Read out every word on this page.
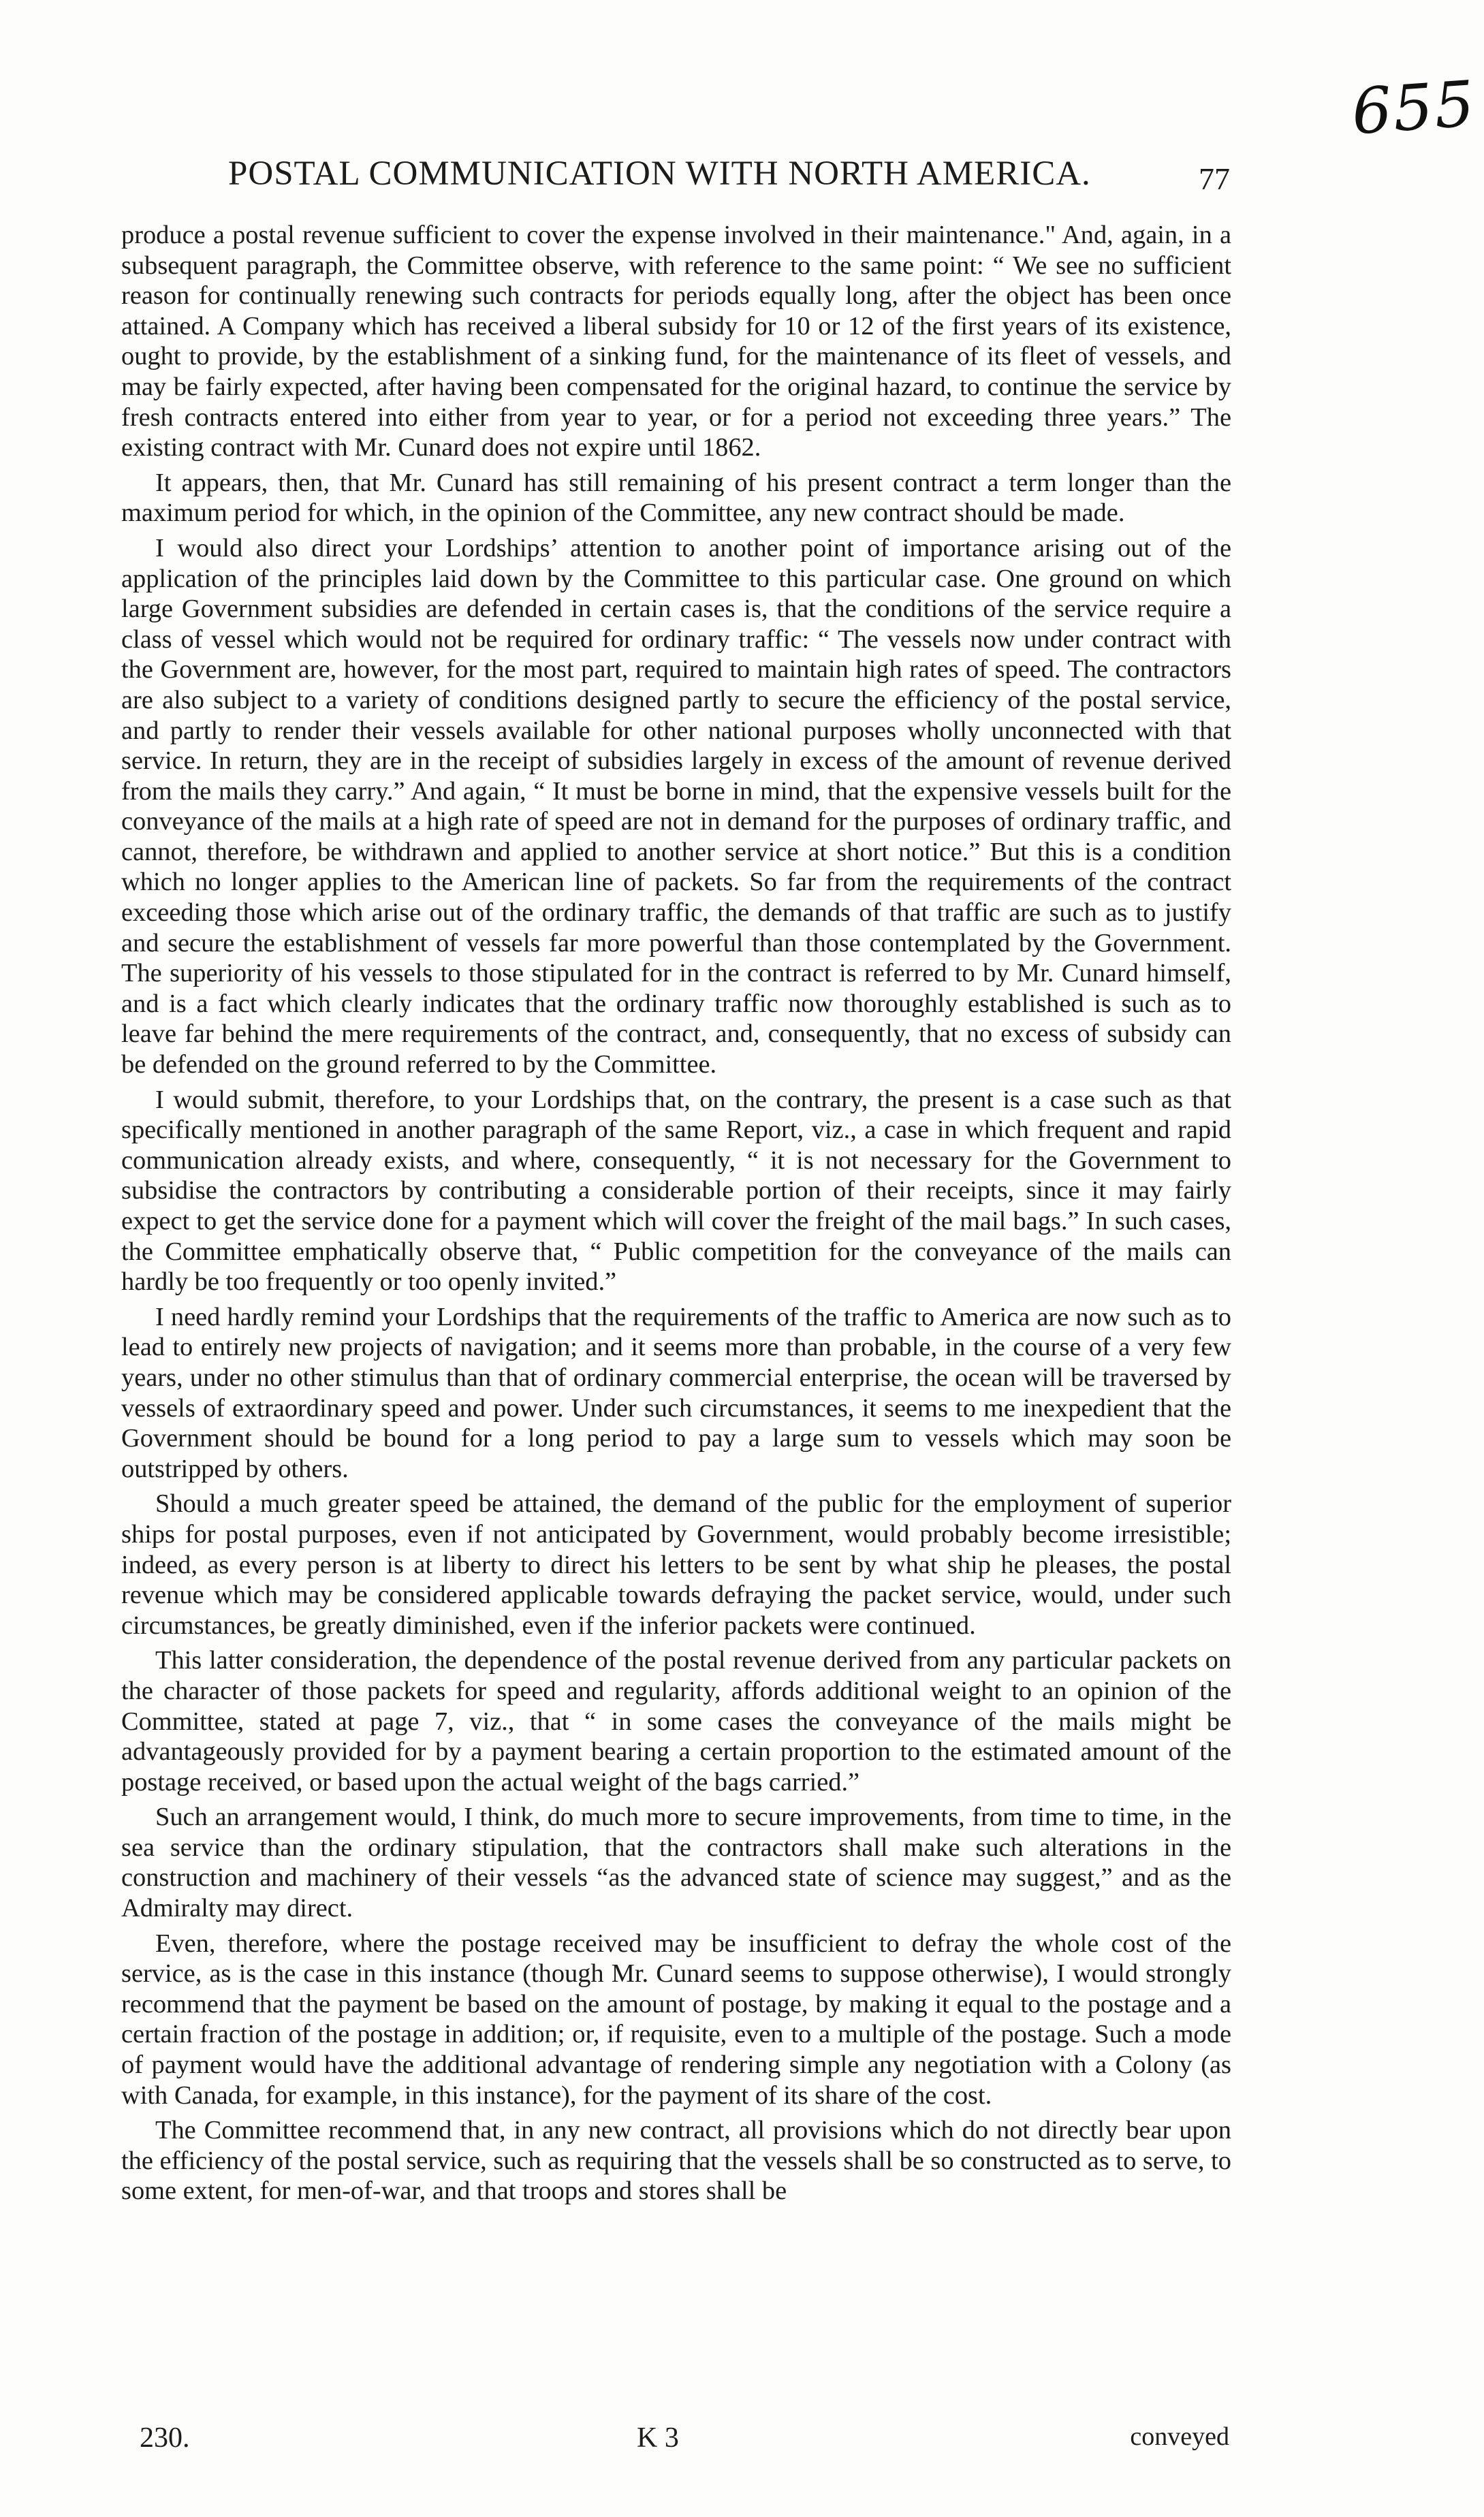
655
POSTAL COMMUNICATION WITH NORTH AMERICA.	77

produce a postal revenue sufficient to cover the expense involved in their maintenance." And, again, in a subsequent paragraph, the Committee observe, with reference to the same point: “ We see no sufficient reason for continually renewing such contracts for periods equally long, after the object has been once attained. A Company which has received a liberal subsidy for 10 or 12 of the first years of its existence, ought to provide, by the establishment of a sinking fund, for the maintenance of its fleet of vessels, and may be fairly expected, after having been compensated for the original hazard, to continue the service by fresh contracts entered into either from year to year, or for a period not exceeding three years.” The existing contract with Mr. Cunard does not expire until 1862.

It appears, then, that Mr. Cunard has still remaining of his present contract a term longer than the maximum period for which, in the opinion of the Committee, any new contract should be made.

I would also direct your Lordships’ attention to another point of importance arising out of the application of the principles laid down by the Committee to this particular case. One ground on which large Government subsidies are defended in certain cases is, that the conditions of the service require a class of vessel which would not be required for ordinary traffic: “ The vessels now under contract with the Government are, however, for the most part, required to maintain high rates of speed. The contractors are also subject to a variety of conditions designed partly to secure the efficiency of the postal service, and partly to render their vessels available for other national purposes wholly unconnected with that service. In return, they are in the receipt of subsidies largely in excess of the amount of revenue derived from the mails they carry.” And again, “ It must be borne in mind, that the expensive vessels built for the conveyance of the mails at a high rate of speed are not in demand for the purposes of ordinary traffic, and cannot, therefore, be withdrawn and applied to another service at short notice.” But this is a condition which no longer applies to the American line of packets. So far from the requirements of the contract exceeding those which arise out of the ordinary traffic, the demands of that traffic are such as to justify and secure the establishment of vessels far more powerful than those contemplated by the Government. The superiority of his vessels to those stipulated for in the contract is referred to by Mr. Cunard himself, and is a fact which clearly indicates that the ordinary traffic now thoroughly established is such as to leave far behind the mere requirements of the contract, and, consequently, that no excess of subsidy can be defended on the ground referred to by the Committee.

I would submit, therefore, to your Lordships that, on the contrary, the present is a case such as that specifically mentioned in another paragraph of the same Report, viz., a case in which frequent and rapid communication already exists, and where, consequently, “ it is not necessary for the Government to subsidise the contractors by contributing a considerable portion of their receipts, since it may fairly expect to get the service done for a payment which will cover the freight of the mail bags.” In such cases, the Committee emphatically observe that, “ Public competition for the conveyance of the mails can hardly be too frequently or too openly invited.”

I need hardly remind your Lordships that the requirements of the traffic to America are now such as to lead to entirely new projects of navigation; and it seems more than probable, in the course of a very few years, under no other stimulus than that of ordinary commercial enterprise, the ocean will be traversed by vessels of extraordinary speed and power. Under such circumstances, it seems to me inexpedient that the Government should be bound for a long period to pay a large sum to vessels which may soon be outstripped by others.

Should a much greater speed be attained, the demand of the public for the employment of superior ships for postal purposes, even if not anticipated by Government, would probably become irresistible; indeed, as every person is at liberty to direct his letters to be sent by what ship he pleases, the postal revenue which may be considered applicable towards defraying the packet service, would, under such circumstances, be greatly diminished, even if the inferior packets were continued.

This latter consideration, the dependence of the postal revenue derived from any particular packets on the character of those packets for speed and regularity, affords additional weight to an opinion of the Committee, stated at page 7, viz., that “ in some cases the conveyance of the mails might be advantageously provided for by a payment bearing a certain proportion to the estimated amount of the postage received, or based upon the actual weight of the bags carried.”

Such an arrangement would, I think, do much more to secure improvements, from time to time, in the sea service than the ordinary stipulation, that the contractors shall make such alterations in the construction and machinery of their vessels “as the advanced state of science may suggest,” and as the Admiralty may direct.

Even, therefore, where the postage received may be insufficient to defray the whole cost of the service, as is the case in this instance (though Mr. Cunard seems to suppose otherwise), I would strongly recommend that the payment be based on the amount of postage, by making it equal to the postage and a certain fraction of the postage in addition; or, if requisite, even to a multiple of the postage. Such a mode of payment would have the additional advantage of rendering simple any negotiation with a Colony (as with Canada, for example, in this instance), for the payment of its share of the cost.

The Committee recommend that, in any new contract, all provisions which do not directly bear upon the efficiency of the postal service, such as requiring that the vessels shall be so constructed as to serve, to some extent, for men-of-war, and that troops and stores shall be

230.	K 3	conveyed
